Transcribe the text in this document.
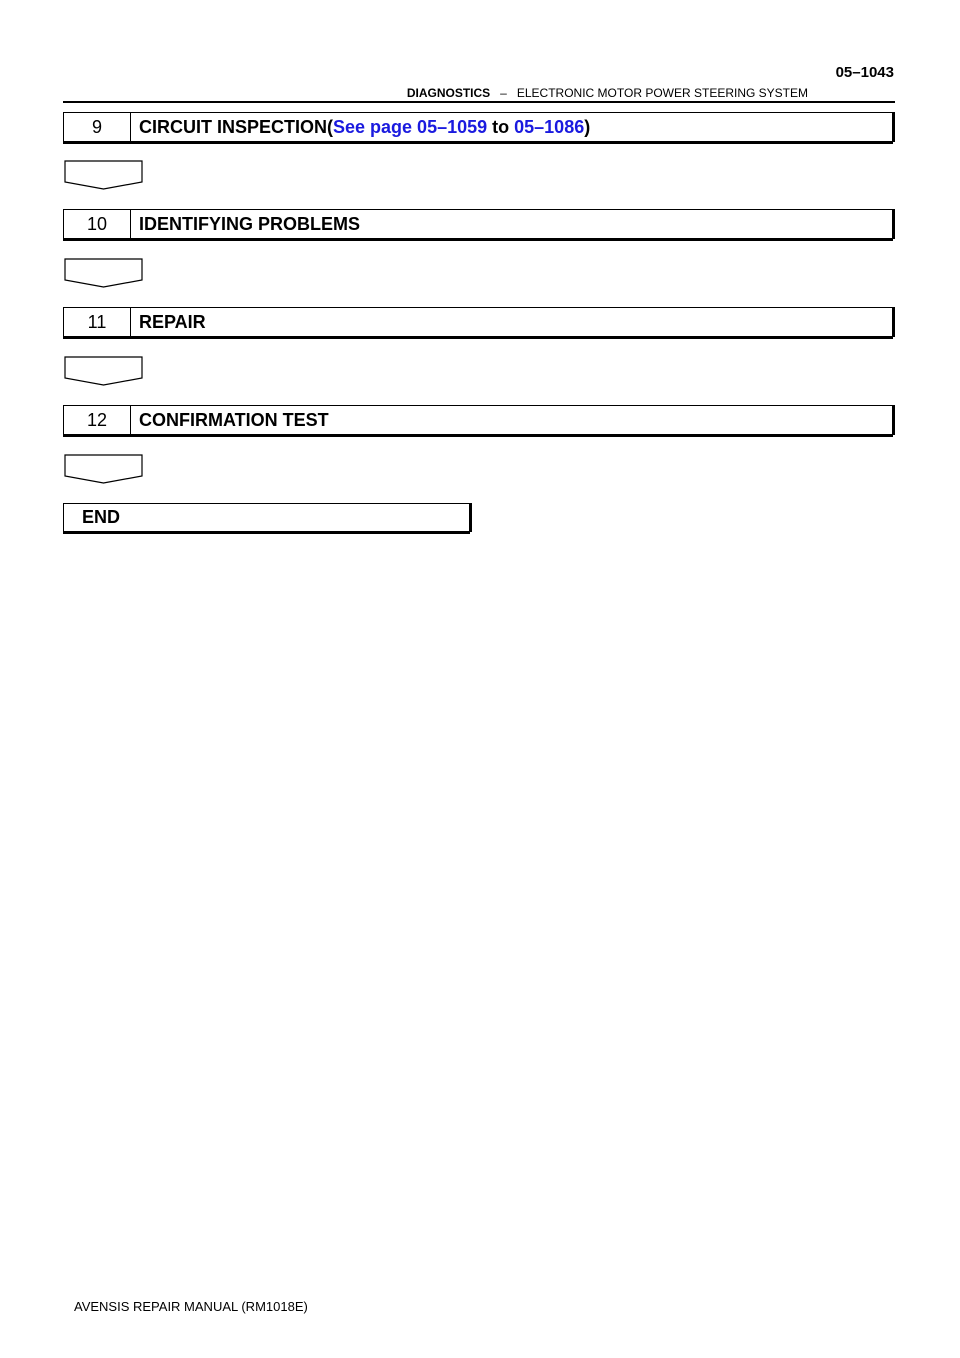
05–1043
DIAGNOSTICS – ELECTRONIC MOTOR POWER STEERING SYSTEM
9	CIRCUIT INSPECTION( See page 05–1059 to 05–1086 )
10	IDENTIFYING PROBLEMS
11	REPAIR
12	CONFIRMATION TEST
END
AVENSIS REPAIR MANUAL (RM1018E)
